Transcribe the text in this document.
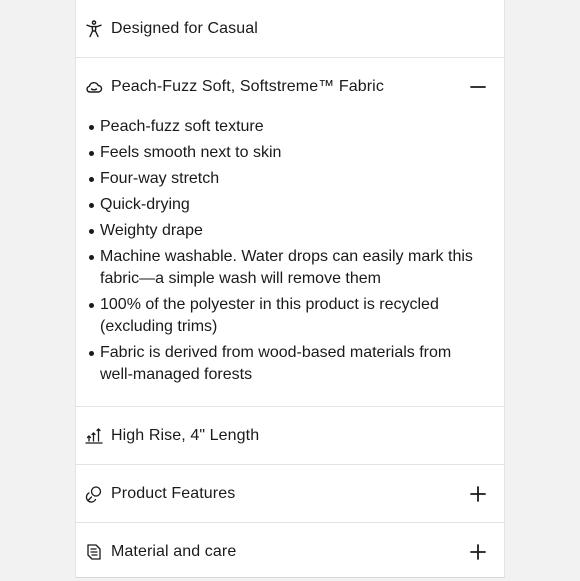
Designed for Casual
Peach-Fuzz Soft, Softstreme™ Fabric
Peach-fuzz soft texture
Feels smooth next to skin
Four-way stretch
Quick-drying
Weighty drape
Machine washable. Water drops can easily mark this fabric—a simple wash will remove them
100% of the polyester in this product is recycled (excluding trims)
Fabric is derived from wood-based materials from well-managed forests
High Rise, 4" Length
Product Features
Material and care
